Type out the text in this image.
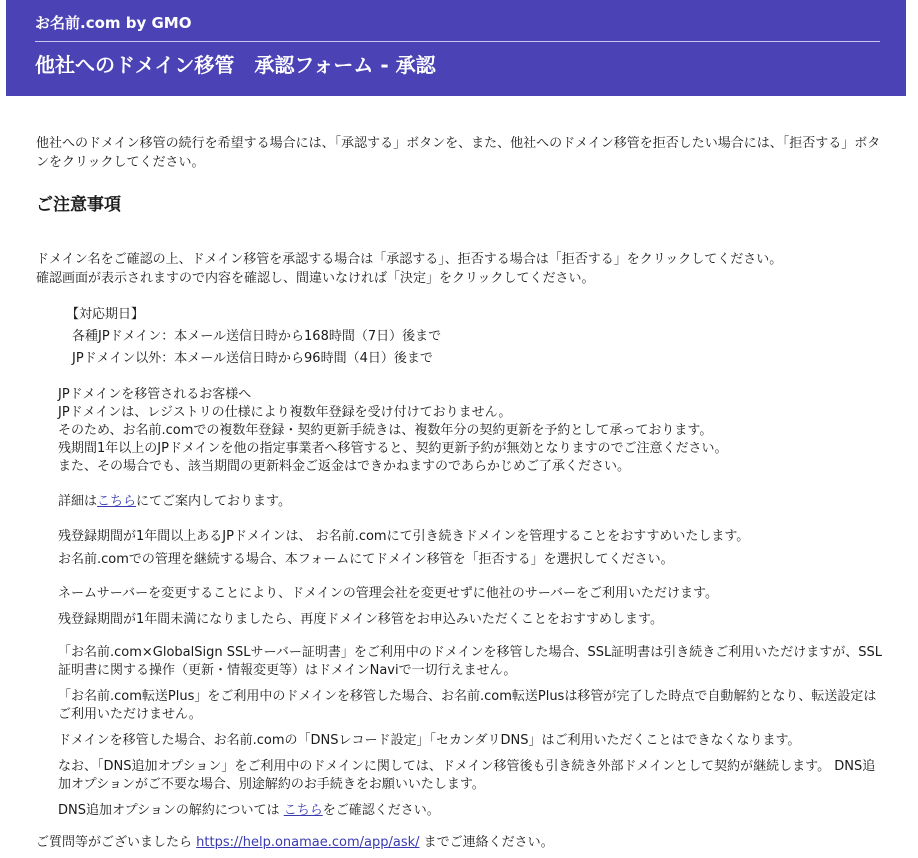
お名前.com by GMO
他社へのドメイン移管　承認フォーム - 承認

他社へのドメイン移管の続行を希望する場合には、「承認する」ボタンを、また、他社へのドメイン移管を拒否したい場合には、「拒否する」ボタンをクリックしてください。

ご注意事項
ドメイン名をご確認の上、ドメイン移管を承認する場合は「承認する」、拒否する場合は「拒否する」をクリックしてください。
確認画面が表示されますので内容を確認し、間違いなければ「決定」をクリックしてください。
【対応期日】
各種JPドメイン：本メール送信日時から168時間（7日）後まで
JPドメイン以外：本メール送信日時から96時間（4日）後まで
JPドメインを移管されるお客様へ
JPドメインは、レジストリの仕様により複数年登録を受け付けておりません。
そのため、お名前.comでの複数年登録・契約更新手続きは、複数年分の契約更新を予約として承っております。
残期間1年以上のJPドメインを他の指定事業者へ移管すると、契約更新予約が無効となりますのでご注意ください。
また、その場合でも、該当期間の更新料金ご返金はできかねますのであらかじめご了承ください。
詳細はこちらにてご案内しております。
残登録期間が1年間以上あるJPドメインは、 お名前.comにて引き続きドメインを管理することをおすすめいたします。
お名前.comでの管理を継続する場合、本フォームにてドメイン移管を「拒否する」を選択してください。
ネームサーバーを変更することにより、ドメインの管理会社を変更せずに他社のサーバーをご利用いただけます。
残登録期間が1年間未満になりましたら、再度ドメイン移管をお申込みいただくことをおすすめします。
「お名前.com×GlobalSign SSLサーバー証明書」をご利用中のドメインを移管した場合、SSL証明書は引き続きご利用いただけますが、SSL証明書に関する操作（更新・情報変更等）はドメインNaviで一切行えません。
「お名前.com転送Plus」をご利用中のドメインを移管した場合、お名前.com転送Plusは移管が完了した時点で自動解約となり、転送設定はご利用いただけません。
ドメインを移管した場合、お名前.comの「DNSレコード設定」「セカンダリDNS」はご利用いただくことはできなくなります。
なお、「DNS追加オプション」をご利用中のドメインに関しては、ドメイン移管後も引き続き外部ドメインとして契約が継続します。 DNS追加オプションがご不要な場合、別途解約のお手続きをお願いいたします。
DNS追加オプションの解約については こちらをご確認ください。
ご質問等がございましたら https://help.onamae.com/app/ask/ までご連絡ください。
